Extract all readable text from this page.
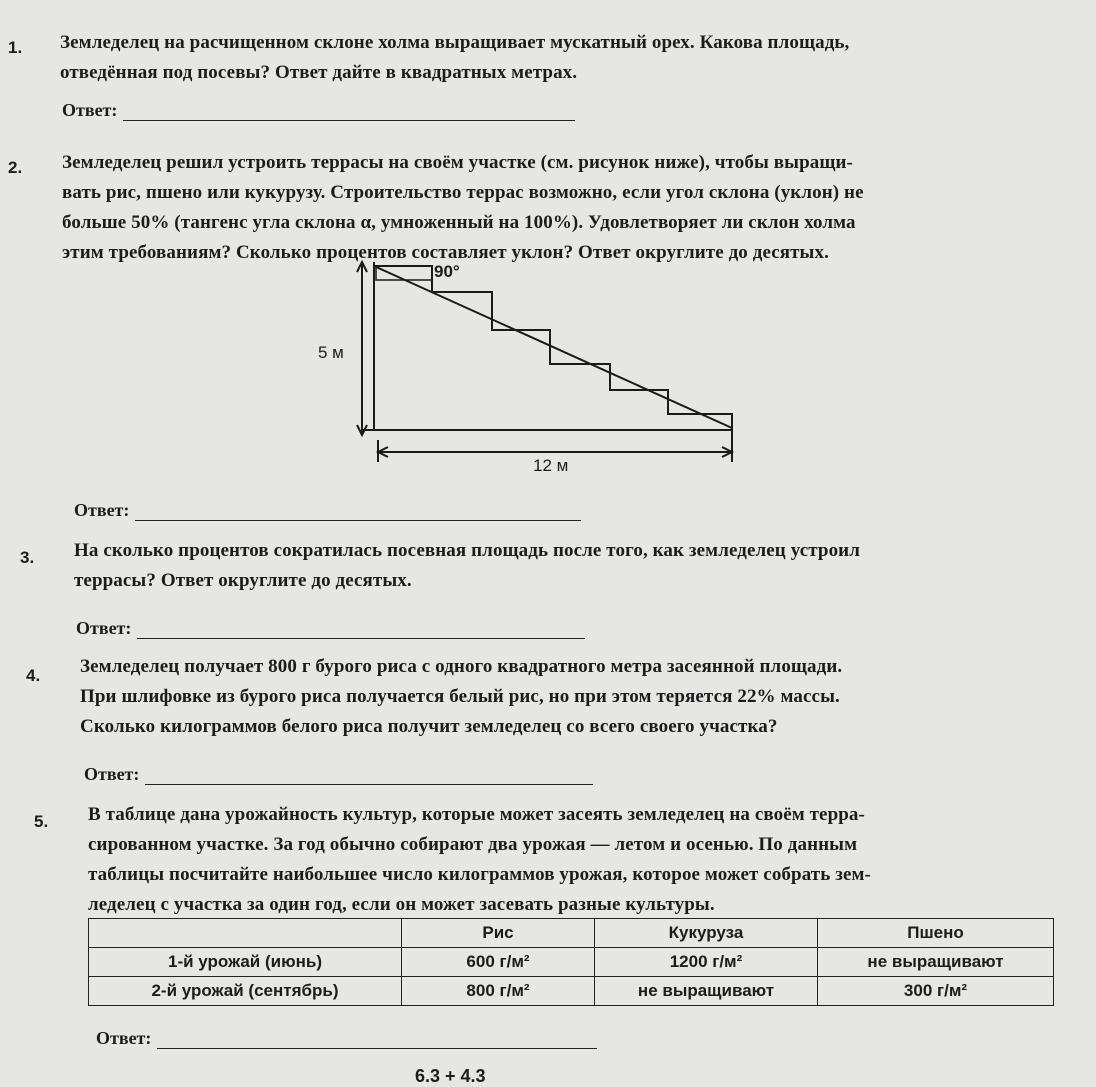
1. Земледелец на расчищенном склоне холма выращивает мускатный орех. Какова площадь,
отведённая под посевы? Ответ дайте в квадратных метрах.
Ответ:
2. Земледелец решил устроить террасы на своём участке (см. рисунок ниже), чтобы выращи-
вать рис, пшено или кукурузу. Строительство террас возможно, если угол склона (уклон) не
больше 50% (тангенс угла склона α, умноженный на 100%). Удовлетворяет ли склон холма
этим требованиям? Сколько процентов составляет уклон? Ответ округлите до десятых.
90°
5 м
12 м
Ответ:
3. На сколько процентов сократилась посевная площадь после того, как земледелец устроил
террасы? Ответ округлите до десятых.
Ответ:
4. Земледелец получает 800 г бурого риса с одного квадратного метра засеянной площади.
При шлифовке из бурого риса получается белый рис, но при этом теряется 22% массы.
Сколько килограммов белого риса получит земледелец со всего своего участка?
Ответ:
5. В таблице дана урожайность культур, которые может засеять земледелец на своём терра-
сированном участке. За год обычно собирают два урожая — летом и осенью. По данным
таблицы посчитайте наибольшее число килограммов урожая, которое может собрать зем-
леделец с участка за один год, если он может засевать разные культуры.
	Рис	Кукуруза	Пшено
1-й урожай (июнь)	600 г/м²	1200 г/м²	не выращивают
2-й урожай (сентябрь)	800 г/м²	не выращивают	300 г/м²
Ответ:
6.3 + 4.3
